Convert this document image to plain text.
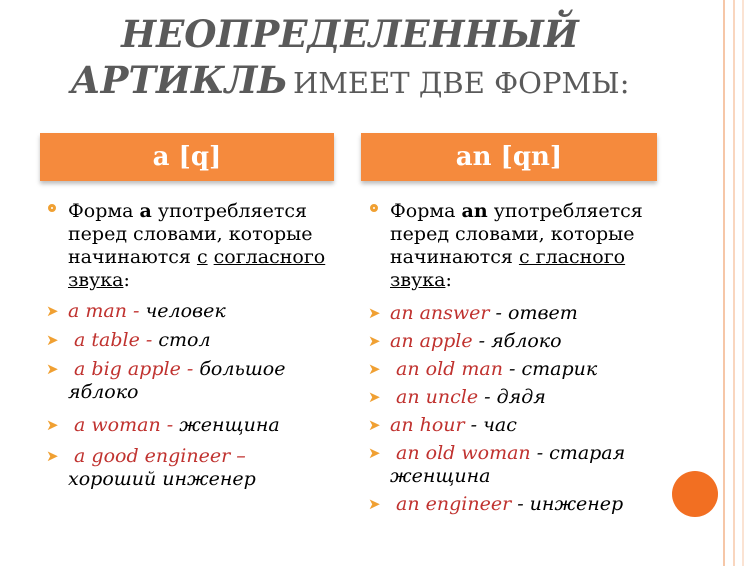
НЕОПРЕДЕЛЕННЫЙ
АРТИКЛЬ ИМЕЕТ ДВЕ ФОРМЫ:
a [q]	an [qn]
Форма a употребляется перед словами, которые начинаются с согласного звука:
➤ a man - человек
➤ a table - стол
➤ a big apple - большое яблоко
➤ a woman - женщина
➤ a good engineer – хороший инженер
Форма an употребляется перед словами, которые начинаются с гласного звука:
➤ an answer - ответ
➤ an apple - яблоко
➤ an old man - старик
➤ an uncle - дядя
➤ an hour - час
➤ an old woman - старая женщина
➤ an engineer - инженер
